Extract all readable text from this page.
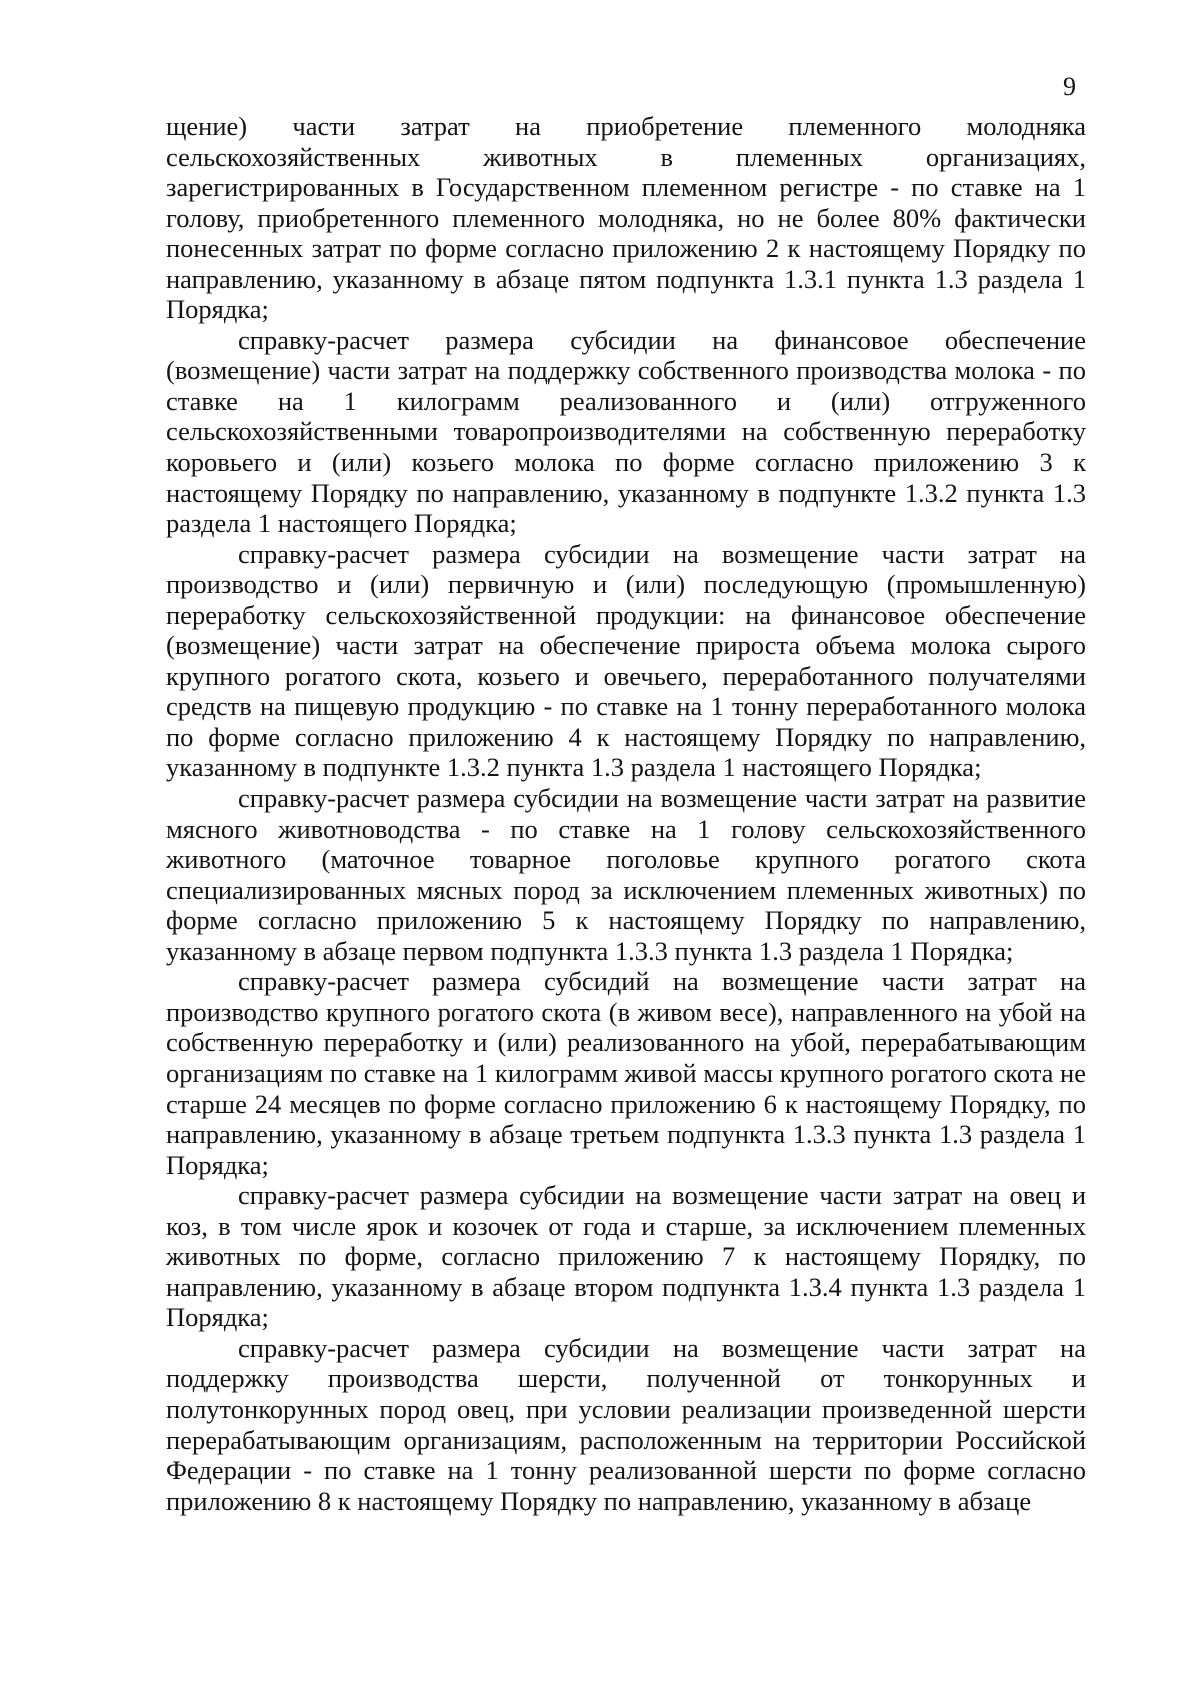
9

щение) части затрат на приобретение племенного молодняка сельскохозяйственных животных в племенных организациях, зарегистрированных в Государственном племенном регистре - по ставке на 1 голову, приобретенного племенного молодняка, но не более 80% фактически понесенных затрат по форме согласно приложению 2 к настоящему Порядку по направлению, указанному в абзаце пятом подпункта 1.3.1 пункта 1.3 раздела 1 Порядка;

справку-расчет размера субсидии на финансовое обеспечение (возмещение) части затрат на поддержку собственного производства молока - по ставке на 1 килограмм реализованного и (или) отгруженного сельскохозяйственными товаропроизводителями на собственную переработку коровьего и (или) козьего молока по форме согласно приложению 3 к настоящему Порядку по направлению, указанному в подпункте 1.3.2 пункта 1.3 раздела 1 настоящего Порядка;

справку-расчет размера субсидии на возмещение части затрат на производство и (или) первичную и (или) последующую (промышленную) переработку сельскохозяйственной продукции: на финансовое обеспечение (возмещение) части затрат на обеспечение прироста объема молока сырого крупного рогатого скота, козьего и овечьего, переработанного получателями средств на пищевую продукцию - по ставке на 1 тонну переработанного молока по форме согласно приложению 4 к настоящему Порядку по направлению, указанному в подпункте 1.3.2 пункта 1.3 раздела 1 настоящего Порядка;

справку-расчет размера субсидии на возмещение части затрат на развитие мясного животноводства - по ставке на 1 голову сельскохозяйственного животного (маточное товарное поголовье крупного рогатого скота специализированных мясных пород за исключением племенных животных) по форме согласно приложению 5 к настоящему Порядку по направлению, указанному в абзаце первом подпункта 1.3.3 пункта 1.3 раздела 1 Порядка;

справку-расчет размера субсидий на возмещение части затрат на производство крупного рогатого скота (в живом весе), направленного на убой на собственную переработку и (или) реализованного на убой, перерабатывающим организациям по ставке на 1 килограмм живой массы крупного рогатого скота не старше 24 месяцев по форме согласно приложению 6 к настоящему Порядку, по направлению, указанному в абзаце третьем подпункта 1.3.3 пункта 1.3 раздела 1 Порядка;

справку-расчет размера субсидии на возмещение части затрат на овец и коз, в том числе ярок и козочек от года и старше, за исключением племенных животных по форме, согласно приложению 7 к настоящему Порядку, по направлению, указанному в абзаце втором подпункта 1.3.4 пункта 1.3 раздела 1 Порядка;

справку-расчет размера субсидии на возмещение части затрат на поддержку производства шерсти, полученной от тонкорунных и полутонкорунных пород овец, при условии реализации произведенной шерсти перерабатывающим организациям, расположенным на территории Российской Федерации - по ставке на 1 тонну реализованной шерсти по форме согласно приложению 8 к настоящему Порядку по направлению, указанному в абзаце
